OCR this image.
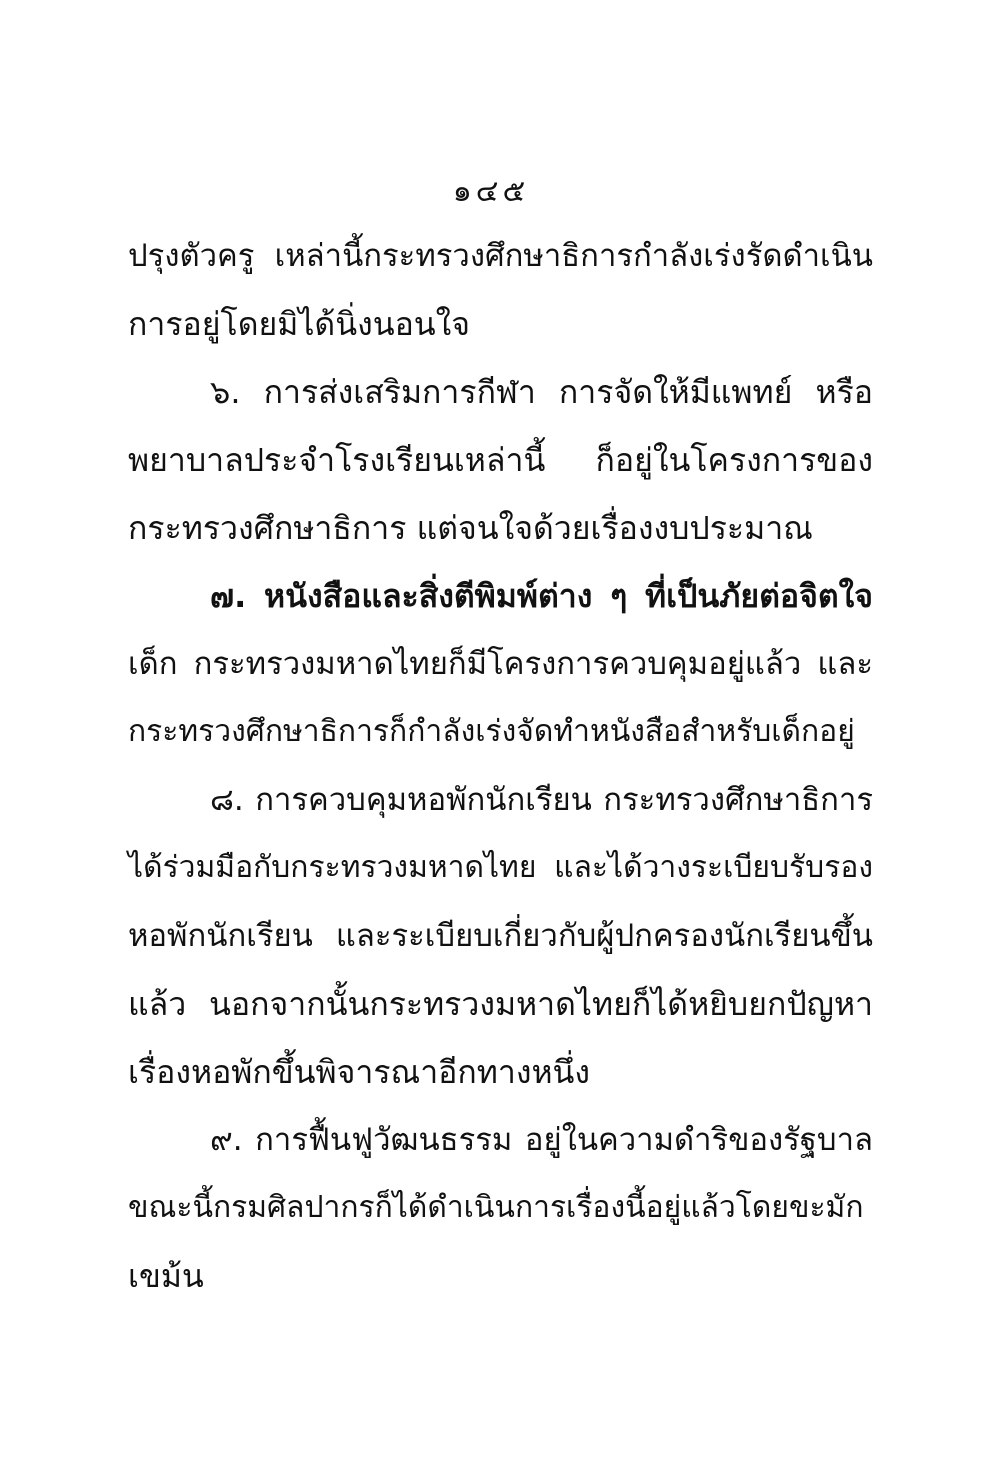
๑๔๕
ปรุงตัวครู เหล่านี้กระทรวงศึกษาธิการกำลังเร่งรัดดำเนิน
การอยู่โดยมิได้นิ่งนอนใจ
๖. การส่งเสริมการกีฬา การจัดให้มีแพทย์ หรือ
พยาบาลประจำโรงเรียนเหล่านี้ ก็อยู่ในโครงการของ
กระทรวงศึกษาธิการ แต่จนใจด้วยเรื่องงบประมาณ
๗. หนังสือและสิ่งตีพิมพ์ต่าง ๆ ที่เป็นภัยต่อจิตใจ
เด็ก กระทรวงมหาดไทยก็มีโครงการควบคุมอยู่แล้ว และ
กระทรวงศึกษาธิการก็กำลังเร่งจัดทำหนังสือสำหรับเด็กอยู่
๘. การควบคุมหอพักนักเรียน กระทรวงศึกษาธิการ
ได้ร่วมมือกับกระทรวงมหาดไทย และได้วางระเบียบรับรอง
หอพักนักเรียน และระเบียบเกี่ยวกับผู้ปกครองนักเรียนขึ้น
แล้ว นอกจากนั้นกระทรวงมหาดไทยก็ได้หยิบยกปัญหา
เรื่องหอพักขึ้นพิจารณาอีกทางหนึ่ง
๙. การฟื้นฟูวัฒนธรรม อยู่ในความดำริของรัฐบาล
ขณะนี้กรมศิลปากรก็ได้ดำเนินการเรื่องนี้อยู่แล้วโดยขะมัก
เขม้น
